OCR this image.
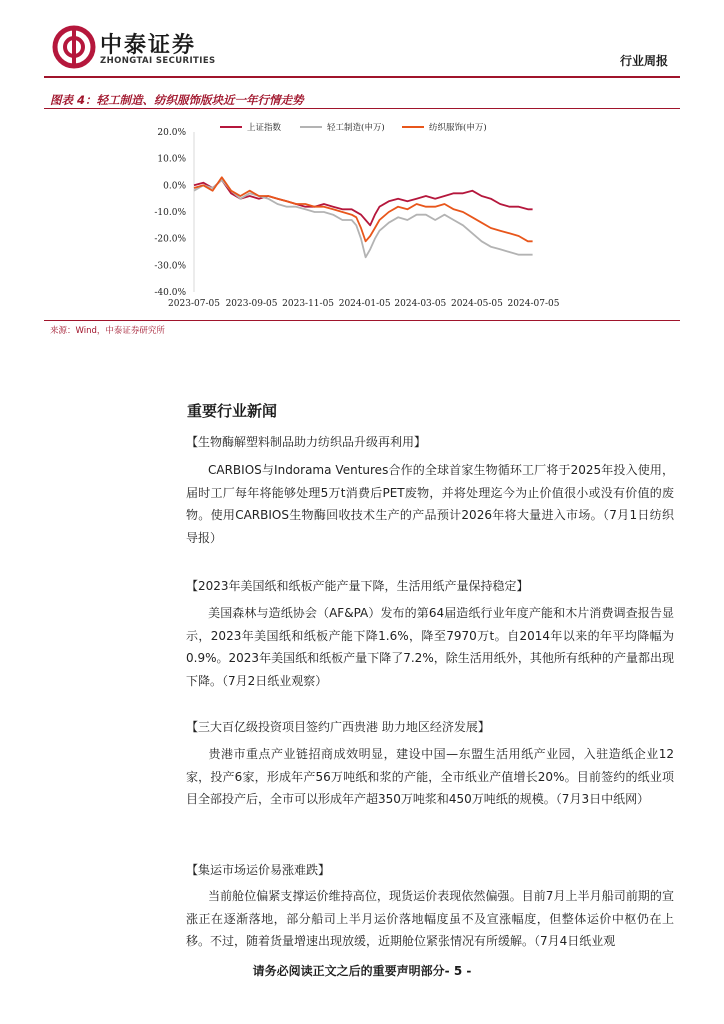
中泰证券
ZHONGTAI SECURITIES	行业周报
图表 4：轻工制造、纺织服饰版块近一年行情走势
上证指数	轻工制造(申万)	纺织服饰(申万)
20.0%
10.0%
0.0%
-10.0%
-20.0%
-30.0%
-40.0%
2023-07-05 2023-09-05 2023-11-05 2024-01-05 2024-03-05 2024-05-05 2024-07-05
来源：Wind，中泰证券研究所
重要行业新闻
【生物酶解塑料制品助力纺织品升级再利用】
CARBIOS与Indorama Ventures合作的全球首家生物循环工厂将于2025年投入使用，届时工厂每年将能够处理5万t消费后PET废物，并将处理迄今为止价值很小或没有价值的废物。使用CARBIOS生物酶回收技术生产的产品预计2026年将大量进入市场。（7月1日纺织导报）
【2023年美国纸和纸板产能产量下降，生活用纸产量保持稳定】
美国森林与造纸协会（AF&PA）发布的第64届造纸行业年度产能和木片消费调查报告显示，2023年美国纸和纸板产能下降1.6%，降至7970万t。自2014年以来的年平均降幅为0.9%。2023年美国纸和纸板产量下降了7.2%，除生活用纸外，其他所有纸种的产量都出现下降。（7月2日纸业观察）
【三大百亿级投资项目签约广西贵港 助力地区经济发展】
贵港市重点产业链招商成效明显，建设中国—东盟生活用纸产业园，入驻造纸企业12家，投产6家，形成年产56万吨纸和浆的产能，全市纸业产值增长20%。目前签约的纸业项目全部投产后，全市可以形成年产超350万吨浆和450万吨纸的规模。（7月3日中纸网）
【集运市场运价易涨难跌】
当前舱位偏紧支撑运价维持高位，现货运价表现依然偏强。目前7月上半月船司前期的宣涨正在逐渐落地，部分船司上半月运价落地幅度虽不及宣涨幅度，但整体运价中枢仍在上移。不过，随着货量增速出现放缓，近期舱位紧张情况有所缓解。（7月4日纸业观
请务必阅读正文之后的重要声明部分- 5 -
